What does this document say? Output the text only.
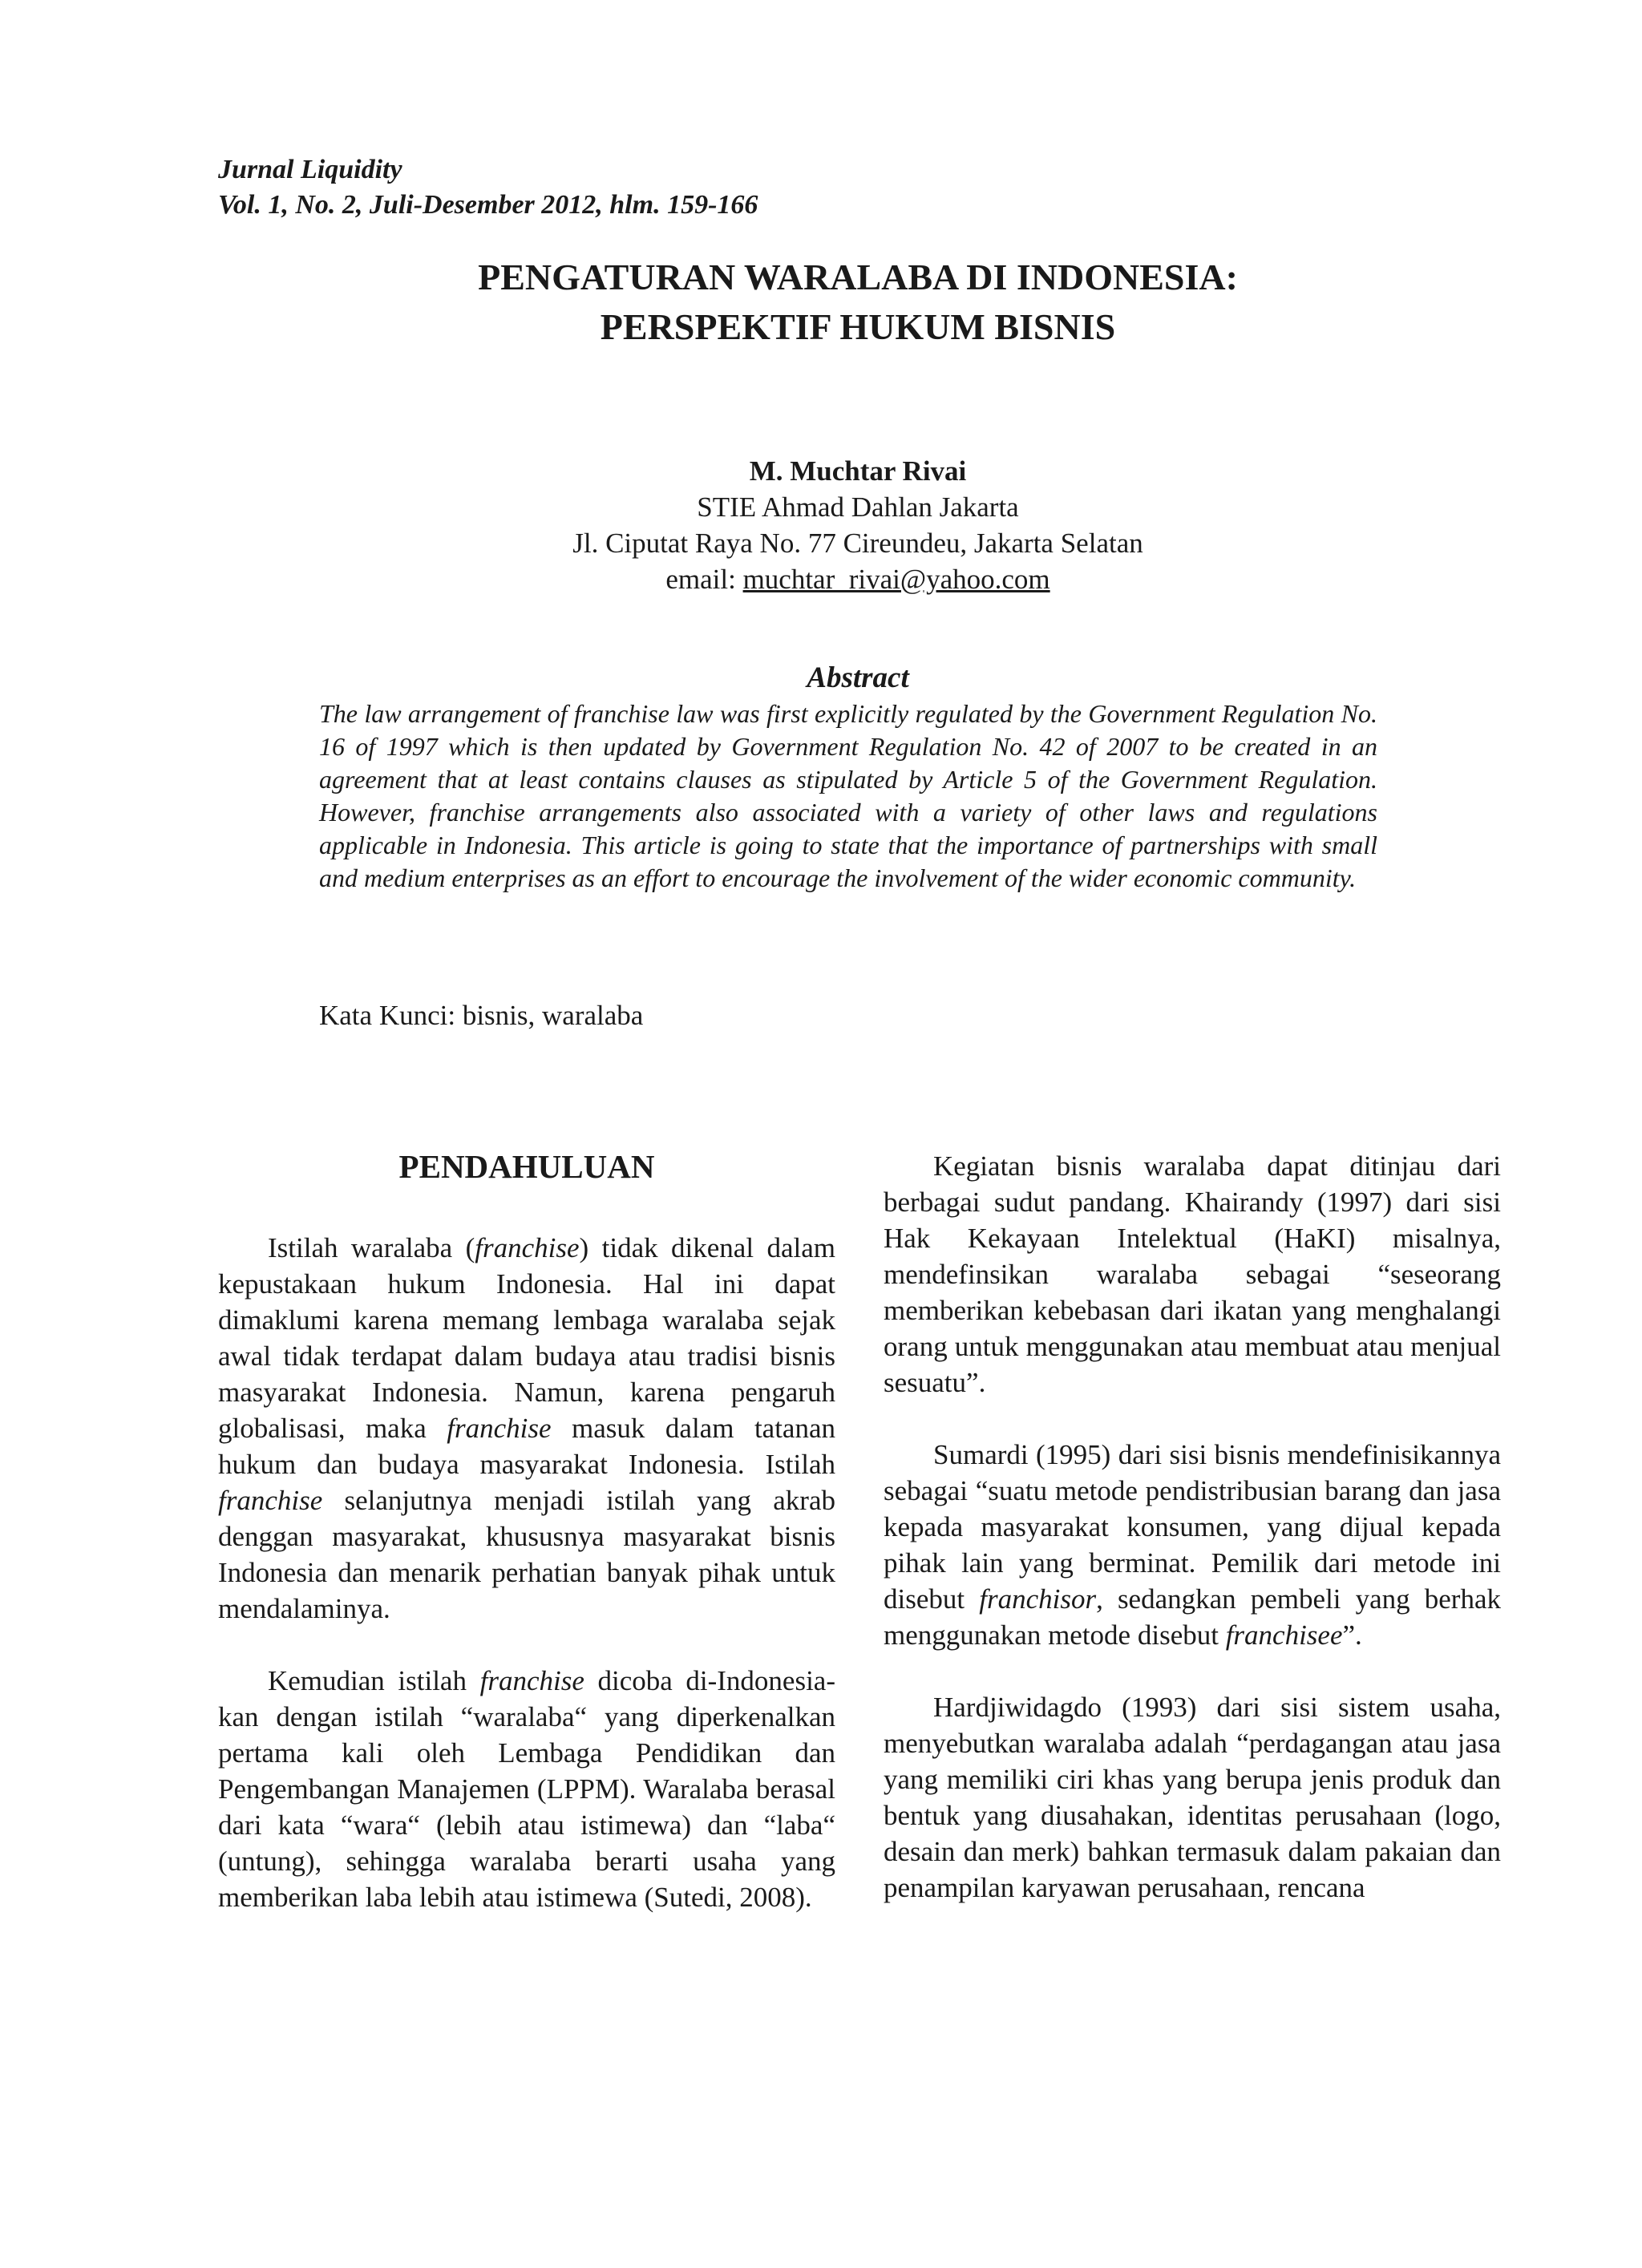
Jurnal Liquidity
Vol. 1, No. 2, Juli-Desember 2012, hlm. 159-166
PENGATURAN WARALABA DI INDONESIA:
PERSPEKTIF HUKUM BISNIS
M. Muchtar Rivai
STIE Ahmad Dahlan Jakarta
Jl. Ciputat Raya No. 77 Cireundeu, Jakarta Selatan
email: muchtar_rivai@yahoo.com
Abstract
The law arrangement of franchise law was first explicitly regulated by the Government Regulation No. 16 of 1997 which is then updated by Government Regulation No. 42 of 2007 to be created in an agreement that at least contains clauses as stipulated by Article 5 of the Government Regulation. However, franchise arrangements also associated with a variety of other laws and regulations applicable in Indonesia. This article is going to state that the importance of partnerships with small and medium enterprises as an effort to encourage the involvement of the wider economic community.
Kata Kunci: bisnis, waralaba
PENDAHULUAN

Istilah waralaba (franchise) tidak dikenal dalam kepustakaan hukum Indonesia. Hal ini dapat dimaklumi karena memang lembaga waralaba sejak awal tidak terdapat dalam budaya atau tradisi bisnis masyarakat Indonesia. Namun, karena pengaruh globalisasi, maka franchise masuk dalam tatanan hukum dan budaya masyarakat Indonesia. Istilah franchise selanjutnya menjadi istilah yang akrab denggan masyarakat, khususnya masyarakat bisnis Indonesia dan menarik perhatian banyak pihak untuk mendalaminya.

Kemudian istilah franchise dicoba di-Indonesia-kan dengan istilah “waralaba“ yang diperkenalkan pertama kali oleh Lembaga Pendidikan dan Pengembangan Manajemen (LPPM). Waralaba berasal dari kata “wara“ (lebih atau istimewa) dan “laba“ (untung), sehingga waralaba berarti usaha yang memberikan laba lebih atau istimewa (Sutedi, 2008).

Kegiatan bisnis waralaba dapat ditinjau dari berbagai sudut pandang. Khairandy (1997) dari sisi Hak Kekayaan Intelektual (HaKI) misalnya, mendefinsikan waralaba sebagai “seseorang memberikan kebebasan dari ikatan yang menghalangi orang untuk menggunakan atau membuat atau menjual sesuatu”.

Sumardi (1995) dari sisi bisnis mendefinisikannya sebagai “suatu metode pendistribusian barang dan jasa kepada masyarakat konsumen, yang dijual kepada pihak lain yang berminat. Pemilik dari metode ini disebut franchisor, sedangkan pembeli yang berhak menggunakan metode disebut franchisee”.

Hardjiwidagdo (1993) dari sisi sistem usaha, menyebutkan waralaba adalah “perdagangan atau jasa yang memiliki ciri khas yang berupa jenis produk dan bentuk yang diusahakan, identitas perusahaan (logo, desain dan merk) bahkan termasuk dalam pakaian dan penampilan karyawan perusahaan, rencana
